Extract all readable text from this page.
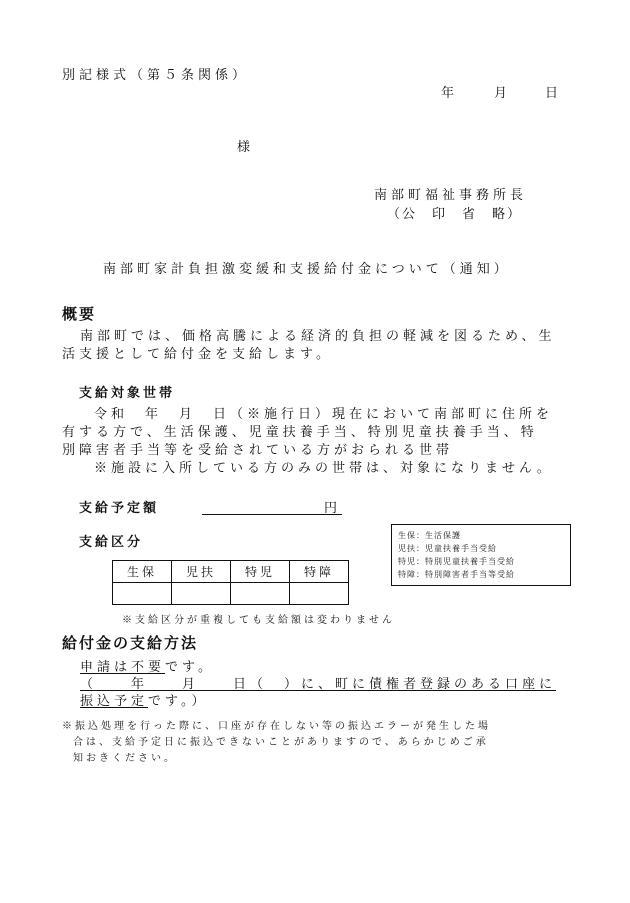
別記様式（第５条関係）
年	月	日
様
南部町福祉事務所長
（公　印　省　略）
南部町家計負担激変緩和支援給付金について（通知）
概要
南部町では、価格高騰による経済的負担の軽減を図るため、生
活支援として給付金を支給します。
支給対象世帯
令和　年　月　日（※施行日）現在において南部町に住所を
有する方で、生活保護、児童扶養手当、特別児童扶養手当、特
別障害者手当等を受給されている方がおられる世帯
※施設に入所している方のみの世帯は、対象になりません。
支給予定額	円
支給区分
生保	児扶	特児	特障

生保：生活保護
児扶：児童扶養手当受給
特児：特別児童扶養手当受給
特障：特別障害者手当等受給
※支給区分が重複しても支給額は変わりません
給付金の支給方法
申請は不要です。
（　　年　　月　　日（　）に、町に債権者登録のある口座に
振込予定です。）
※振込処理を行った際に、口座が存在しない等の振込エラーが発生した場
合は、支給予定日に振込できないことがありますので、あらかじめご承
知おきください。
